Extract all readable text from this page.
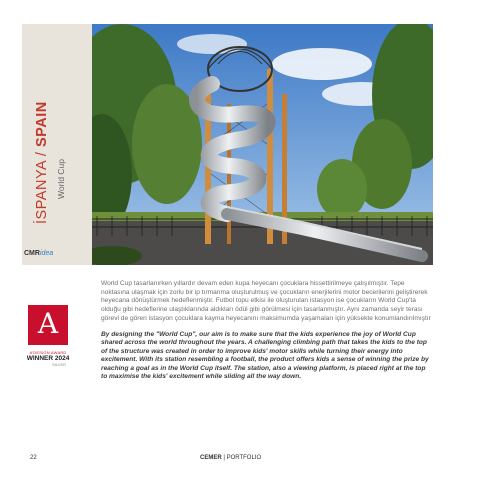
İSPANYA / SPAIN
World Cup
CMRidea
A
A'DESIGN AWARD
WINNER 2024
SILVER

World Cup tasarlanırken yıllardır devam eden kupa heyecanı çocuklara hissettirilmeye çalışılmıştır. Tepe noktasına ulaşmak için zorlu bir ip tırmanma oluşturulmuş ve çocukların enerjilerini motor becerilerini geliştirerek heyecana dönüştürmek hedeflenmiştir. Futbol topu etkisi ile oluşturulan istasyon ise çocukların World Cup'ta olduğu gibi hedeflerine ulaştıklarında aldıkları ödül gibi görülmesi için tasarlanmıştır. Aynı zamanda seyir terası görevi de gören istasyon çocuklara kayma heyecanını maksimumda yaşamaları için yüksekte konumlandırılmıştır

By designing the "World Cup", our aim is to make sure that the kids experience the joy of World Cup shared across the world throughout the years. A challenging climbing path that takes the kids to the top of the structure was created in order to improve kids' motor skills while turning their energy into excitement. With its station resembling a football, the product offers kids a sense of winning the prize by reaching a goal as in the World Cup itself. The station, also a viewing platform, is placed right at the top to maximise the kids' excitement while sliding all the way down.

22	CEMER | PORTFOLIO
